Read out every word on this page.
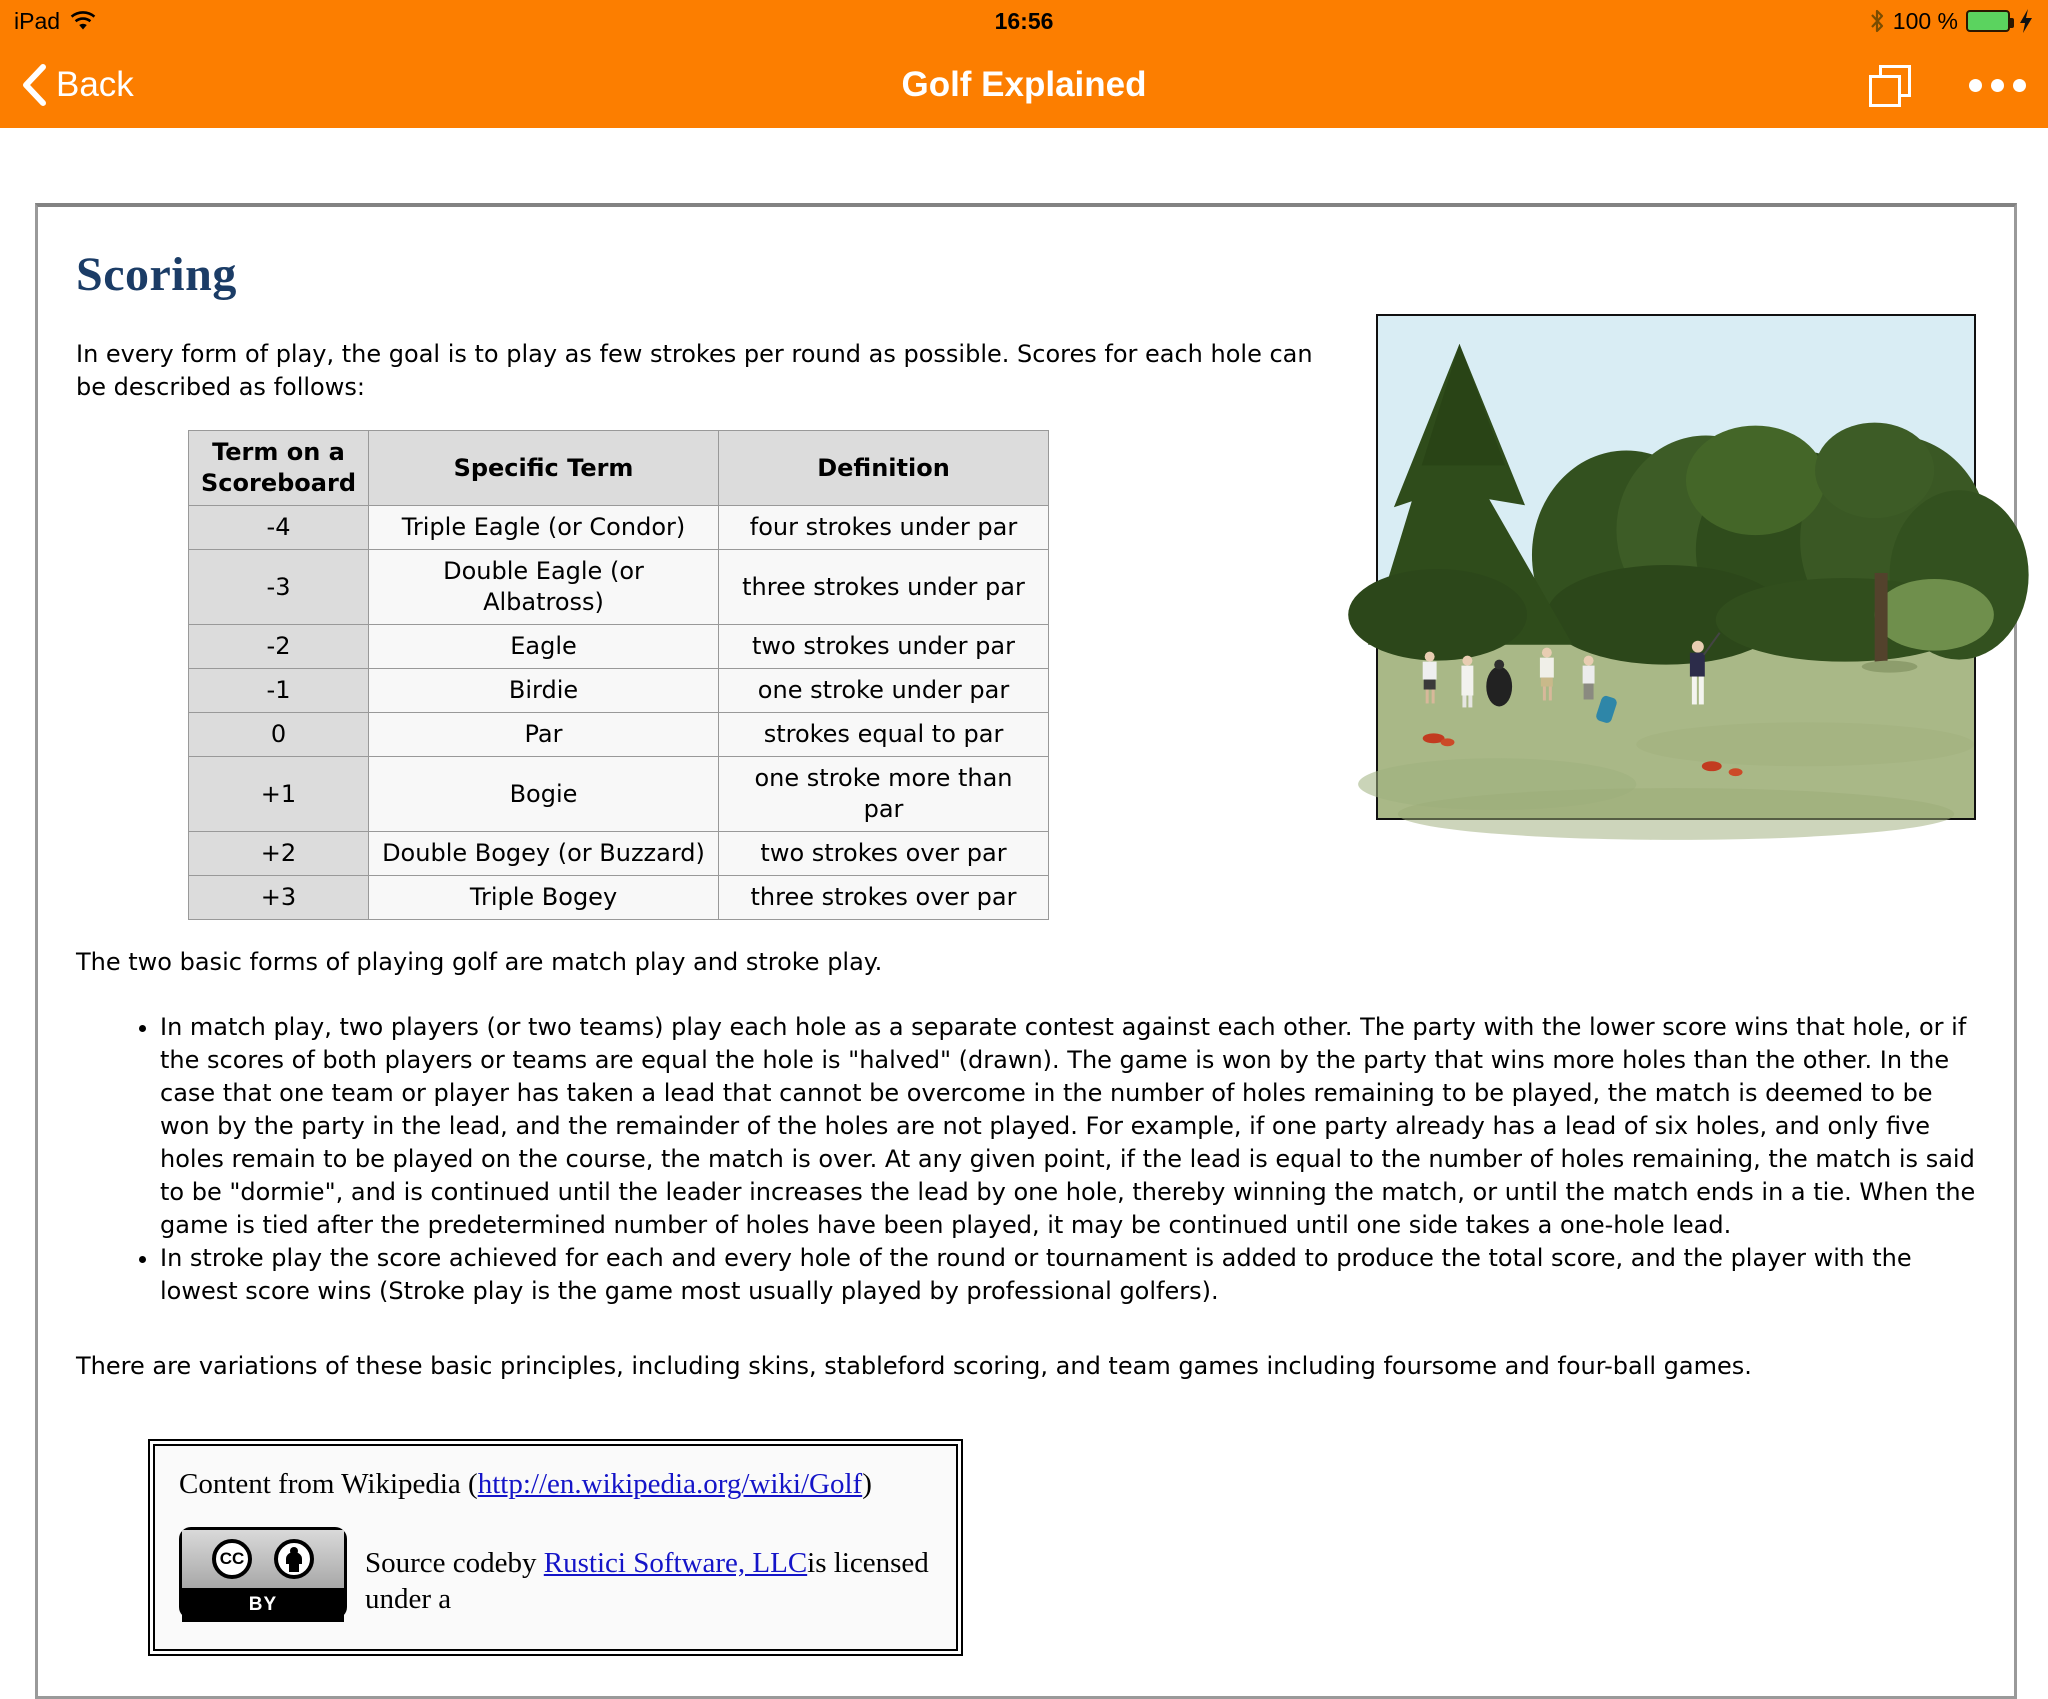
iPad	16:56	100 %
Back	Golf Explained
Scoring

In every form of play, the goal is to play as few strokes per round as possible. Scores for each hole can be described as follows:

Term on a Scoreboard	Specific Term	Definition
-4	Triple Eagle (or Condor)	four strokes under par
-3	Double Eagle (or Albatross)	three strokes under par
-2	Eagle	two strokes under par
-1	Birdie	one stroke under par
0	Par	strokes equal to par
+1	Bogie	one stroke more than par
+2	Double Bogey (or Buzzard)	two strokes over par
+3	Triple Bogey	three strokes over par

The two basic forms of playing golf are match play and stroke play.

• In match play, two players (or two teams) play each hole as a separate contest against each other. The party with the lower score wins that hole, or if the scores of both players or teams are equal the hole is "halved" (drawn). The game is won by the party that wins more holes than the other. In the case that one team or player has taken a lead that cannot be overcome in the number of holes remaining to be played, the match is deemed to be won by the party in the lead, and the remainder of the holes are not played. For example, if one party already has a lead of six holes, and only five holes remain to be played on the course, the match is over. At any given point, if the lead is equal to the number of holes remaining, the match is said to be "dormie", and is continued until the leader increases the lead by one hole, thereby winning the match, or until the match ends in a tie. When the game is tied after the predetermined number of holes have been played, it may be continued until one side takes a one-hole lead.
• In stroke play the score achieved for each and every hole of the round or tournament is added to produce the total score, and the player with the lowest score wins (Stroke play is the game most usually played by professional golfers).

There are variations of these basic principles, including skins, stableford scoring, and team games including foursome and four-ball games.

Content from Wikipedia (http://en.wikipedia.org/wiki/Golf)

CC
BY

Source codeby Rustici Software, LLCis licensed under a
